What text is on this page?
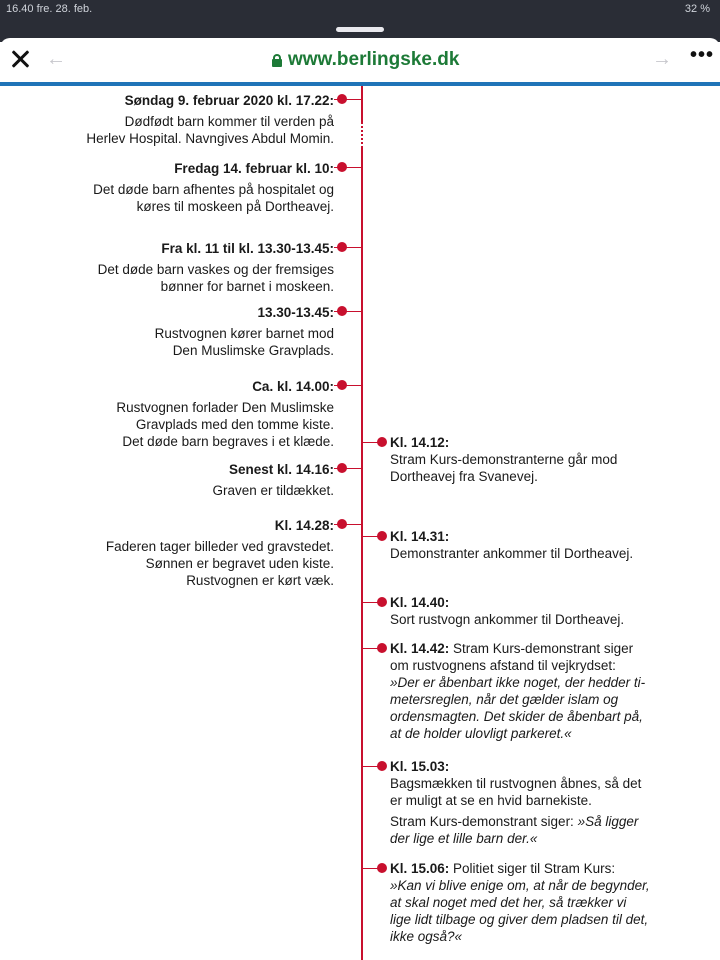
16.40 fre. 28. feb.	32 %
←	www.berlingske.dk	→ •••

Søndag 9. februar 2020 kl. 17.22:

Dødfødt barn kommer til verden på

Herlev Hospital. Navngives Abdul Momin.

Fredag 14. februar kl. 10:

Det døde barn afhentes på hospitalet og

køres til moskeen på Dortheavej.

Fra kl. 11 til kl. 13.30-13.45:

Det døde barn vaskes og der fremsiges

bønner for barnet i moskeen.

13.30-13.45:

Rustvognen kører barnet mod

Den Muslimske Gravplads.

Ca. kl. 14.00:

Rustvognen forlader Den Muslimske

Gravplads med den tomme kiste.

Det døde barn begraves i et klæde.

Senest kl. 14.16:

Graven er tildækket.

Kl. 14.28:

Faderen tager billeder ved gravstedet.

Sønnen er begravet uden kiste.

Rustvognen er kørt væk.

Kl. 14.12:

Stram Kurs-demonstranterne går mod Dortheavej fra Svanevej.

Kl. 14.31:

Demonstranter ankommer til Dortheavej.

Kl. 14.40:

Sort rustvogn ankommer til Dortheavej.

Kl. 14.42: Stram Kurs-demonstrant siger om rustvognens afstand til vejkrydset:

»Der er åbenbart ikke noget, der hedder ti-metersreglen, når det gælder islam og ordensmagten. Det skider de åbenbart på, at de holder ulovligt parkeret.«

Kl. 15.03:

Bagsmækken til rustvognen åbnes, så det er muligt at se en hvid barnekiste.

Stram Kurs-demonstrant siger: »Så ligger der lige et lille barn der.«

Kl. 15.06: Politiet siger til Stram Kurs:

»Kan vi blive enige om, at når de begynder, at skal noget med det her, så trækker vi lige lidt tilbage og giver dem pladsen til det, ikke også?«
